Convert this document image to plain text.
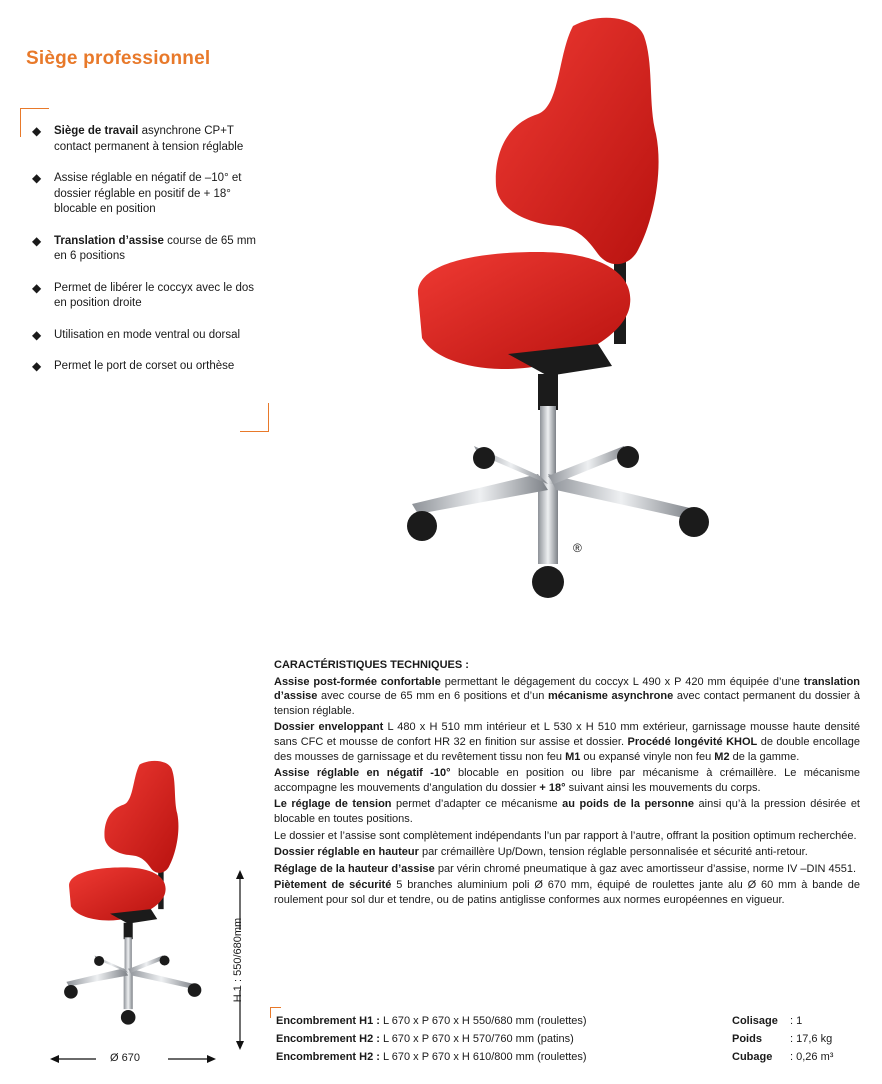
Siège professionnel
◆ Siège de travail asynchrone CP+T contact permanent à tension réglable
◆ Assise réglable en négatif de –10° et dossier réglable en positif de + 18° blocable en position
◆ Translation d’assise course de 65 mm en 6 positions
◆ Permet de libérer le coccyx avec le dos en position droite
◆ Utilisation en mode ventral ou dorsal
◆ Permet le port de corset ou orthèse
®
H 1 : 550/680mm
Ø 670
CARACTÉRISTIQUES TECHNIQUES :

Assise post-formée confortable permettant le dégagement du coccyx L 490 x P 420 mm équipée d’une translation d’assise avec course de 65 mm en 6 positions et d’un mécanisme asynchrone avec contact permanent du dossier à tension réglable.

Dossier enveloppant L 480 x H 510 mm intérieur et L 530 x H 510 mm extérieur, garnissage mousse haute densité sans CFC et mousse de confort HR 32 en finition sur assise et dossier. Procédé longévité KHOL de double encollage des mousses de garnissage et du revêtement tissu non feu M1 ou expansé vinyle non feu M2 de la gamme.

Assise réglable en négatif -10° blocable en position ou libre par mécanisme à crémaillère. Le mécanisme accompagne les mouvements d’angulation du dossier + 18° suivant ainsi les mouvements du corps.

Le réglage de tension permet d’adapter ce mécanisme au poids de la personne ainsi qu’à la pression désirée et blocable en toutes positions.

Le dossier et l’assise sont complètement indépendants l’un par rapport à l’autre, offrant la position optimum recherchée.

Dossier réglable en hauteur par crémaillère Up/Down, tension réglable personnalisée et sécurité anti-retour.

Réglage de la hauteur d’assise par vérin chromé pneumatique à gaz avec amortisseur d’assise, norme IV –DIN 4551.

Piètement de sécurité 5 branches aluminium poli Ø 670 mm, équipé de roulettes jante alu Ø 60 mm à bande de roulement pour sol dur et tendre, ou de patins antiglisse conformes aux normes européennes en vigueur.

Encombrement H1 : L 670 x P 670 x H 550/680 mm (roulettes)
Encombrement H2 : L 670 x P 670 x H 570/760 mm (patins)
Encombrement H2 : L 670 x P 670 x H 610/800 mm (roulettes)
Colisage : 1
Poids	: 17,6 kg
Cubage : 0,26 m³
